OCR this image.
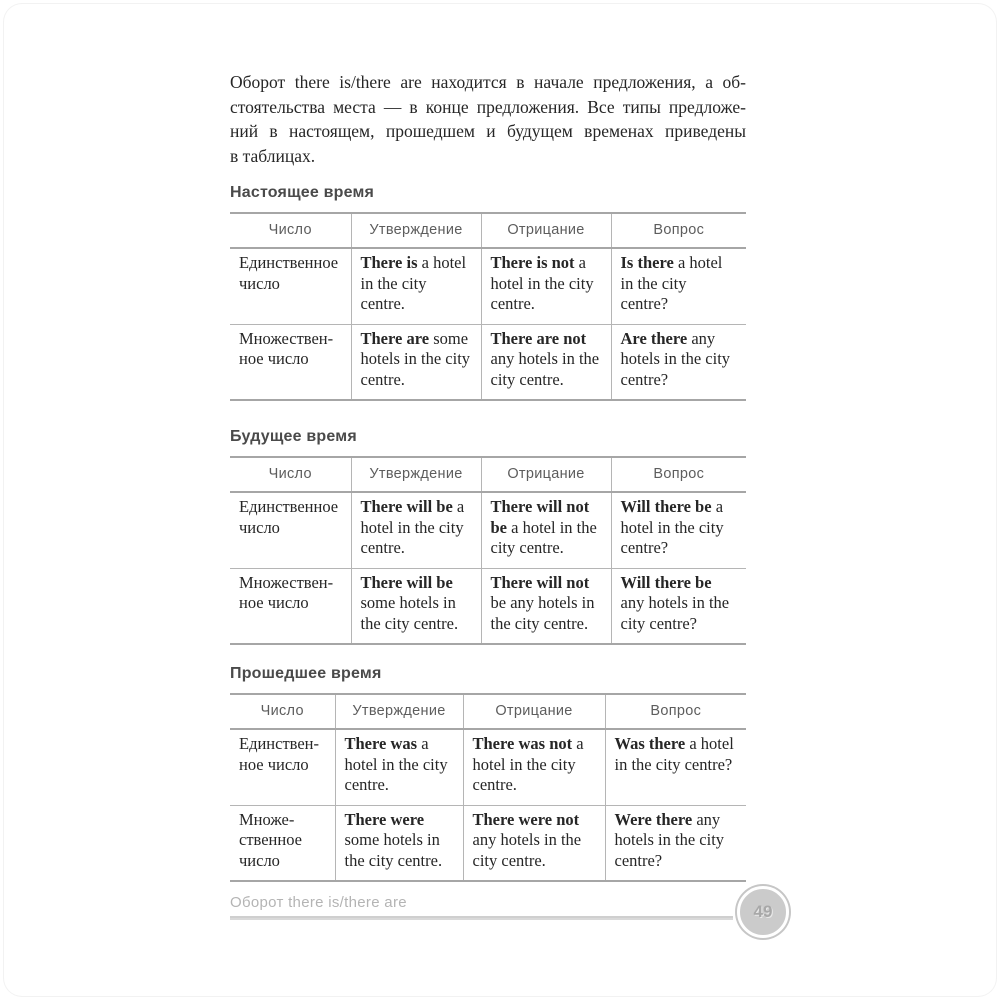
Оборот there is/there are находится в начале предложения, а об-
стоятельства места — в конце предложения. Все типы предложе-
ний в настоящем, прошедшем и будущем временах приведены
в таблицах.
Настоящее время
Число	Утверждение	Отрицание	Вопрос

Единственное
число	There is a hotel in the city centre.	There is not a hotel in the city centre.	Is there a hotel in the city centre?

Множествен-
ное число	There are some hotels in the city centre.	There are not any hotels in the city centre.	Are there any hotels in the city centre?
Будущее время
Число	Утверждение	Отрицание	Вопрос

Единственное
число	There will be a hotel in the city centre.	There will not be a hotel in the city centre.	Will there be a hotel in the city centre?

Множествен-
ное число	There will be some hotels in the city centre.	There will not be any hotels in the city centre.	Will there be any hotels in the city centre?
Прошедшее время
Число	Утверждение	Отрицание	Вопрос

Единствен-
ное число	There was a hotel in the city centre.	There was not a hotel in the city centre.	Was there a hotel in the city centre?

Множе-
ственное
число	There were some hotels in the city centre.	There were not any hotels in the city centre.	Were there any hotels in the city centre?
Оборот there is/there are	49
